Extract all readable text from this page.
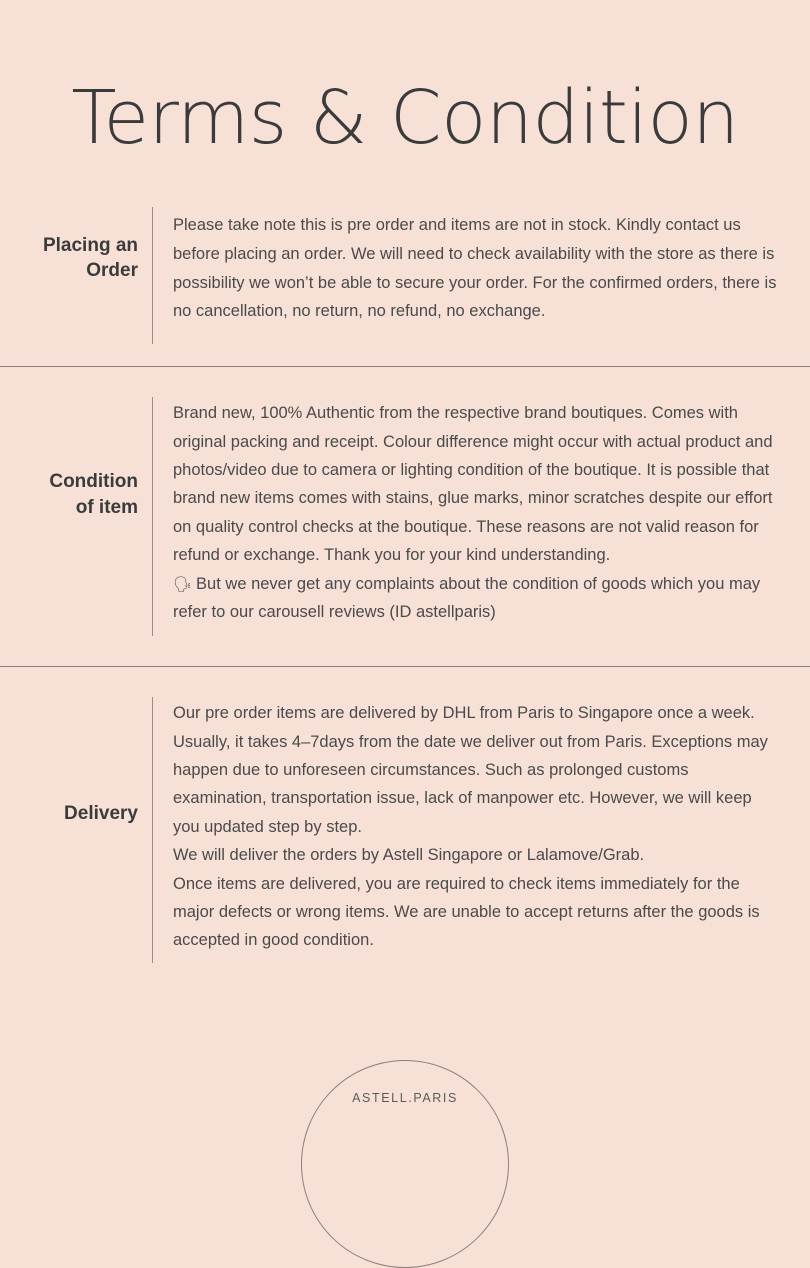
Terms & Condition
Placing an Order

Please take note this is pre order and items are not in stock. Kindly contact us before placing an order. We will need to check availability with the store as there is possibility we won’t be able to secure your order. For the confirmed orders, there is no cancellation, no return, no refund, no exchange.

Condition of item

Brand new, 100% Authentic from the respective brand boutiques. Comes with original packing and receipt. Colour difference might occur with actual product and photos/video due to camera or lighting condition of the boutique. It is possible that brand new items comes with stains, glue marks, minor scratches despite our effort on quality control checks at the boutique. These reasons are not valid reason for refund or exchange. Thank you for your kind understanding.

🗣 But we never get any complaints about the condition of goods which you may refer to our carousell reviews (ID astellparis)

Delivery

Our pre order items are delivered by DHL from Paris to Singapore once a week. Usually, it takes 4–7days from the date we deliver out from Paris. Exceptions may happen due to unforeseen circumstances. Such as prolonged customs examination, transportation issue, lack of manpower etc. However, we will keep you updated step by step.

We will deliver the orders by Astell Singapore or Lalamove/Grab.

Once items are delivered, you are required to check items immediately for the major defects or wrong items. We are unable to accept returns after the goods is accepted in good condition.

ASTELL.PARIS
